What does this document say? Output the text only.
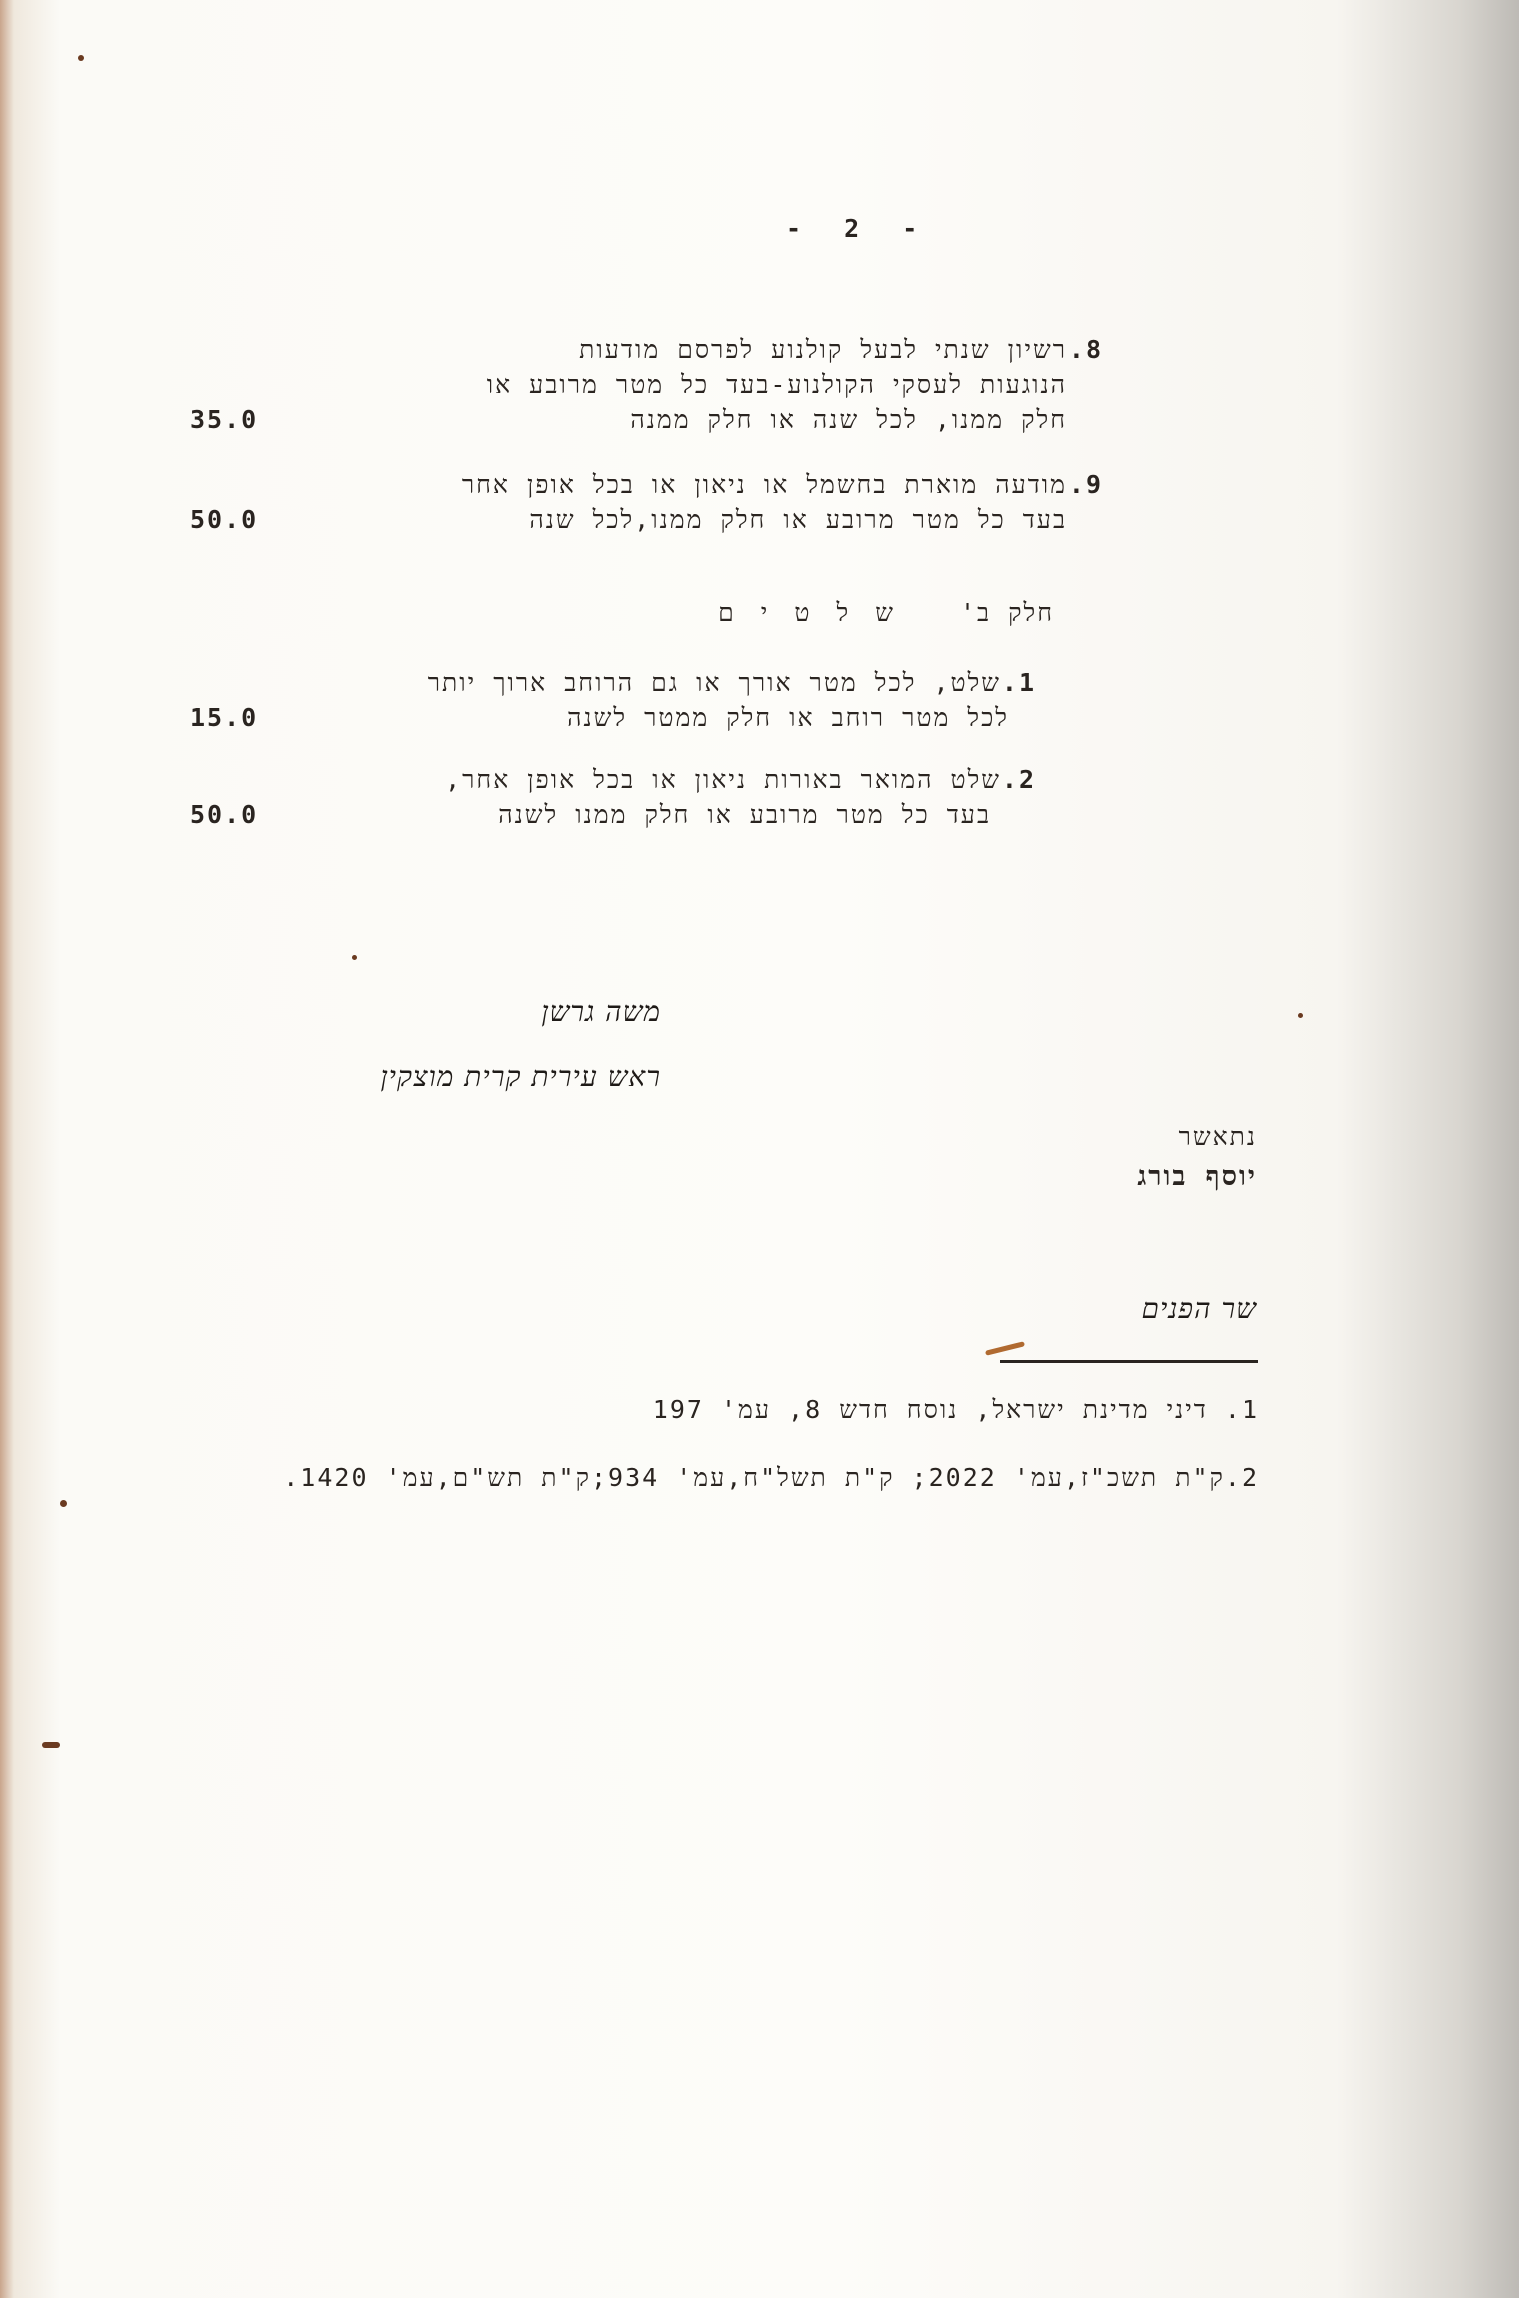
- 2 -
8.
רשיון שנתי לבעל קולנוע לפרסם מודעות
הנוגעות לעסקי הקולנוע-בעד כל מטר מרובע או
חלק ממנו, לכל שנה או חלק ממנה
35.0
9.
מודעה מוארת בחשמל או ניאון או בכל אופן אחר
בעד כל מטר מרובע או חלק ממנו,לכל שנה
50.0
חלק ב'
ש ל ט י ם
1.
שלט, לכל מטר אורך או גם הרוחב ארוך יותר
לכל מטר רוחב או חלק ממטר לשנה
15.0
2.
שלט המואר באורות ניאון או בכל אופן אחר,
בעד כל מטר מרובע או חלק ממנו לשנה
50.0
משה גרשן
ראש עירית קרית מוצקין
נתאשר
יוסף בורג
שר הפנים
1. דיני מדינת ישראל, נוסח חדש 8, עמ' 197
2.ק"ת תשכ"ז,עמ' 2022; ק"ת תשל"ח,עמ' 934;ק"ת תש"ם,עמ' 1420.
